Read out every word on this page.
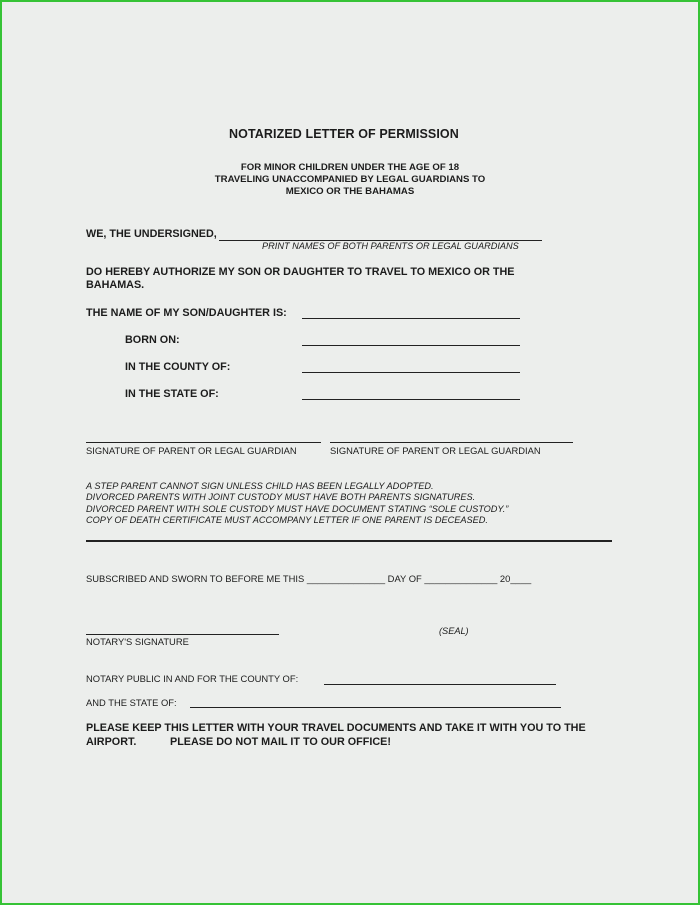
NOTARIZED LETTER OF PERMISSION
FOR MINOR CHILDREN UNDER THE AGE OF 18
TRAVELING UNACCOMPANIED BY LEGAL GUARDIANS TO
MEXICO OR THE BAHAMAS
WE, THE UNDERSIGNED,
PRINT NAMES OF BOTH PARENTS OR LEGAL GUARDIANS
DO HEREBY AUTHORIZE MY SON OR DAUGHTER TO TRAVEL TO MEXICO OR THE
BAHAMAS.
THE NAME OF MY SON/DAUGHTER IS:
BORN ON:
IN THE COUNTY OF:
IN THE STATE OF:
SIGNATURE OF PARENT OR LEGAL GUARDIAN	SIGNATURE OF PARENT OR LEGAL GUARDIAN
A STEP PARENT CANNOT SIGN UNLESS CHILD HAS BEEN LEGALLY ADOPTED.
DIVORCED PARENTS WITH JOINT CUSTODY MUST HAVE BOTH PARENTS SIGNATURES.
DIVORCED PARENT WITH SOLE CUSTODY MUST HAVE DOCUMENT STATING “SOLE CUSTODY.”
COPY OF DEATH CERTIFICATE MUST ACCOMPANY LETTER IF ONE PARENT IS DECEASED.
SUBSCRIBED AND SWORN TO BEFORE ME THIS _______________ DAY OF ______________ 20____
NOTARY'S SIGNATURE
(SEAL)
NOTARY PUBLIC IN AND FOR THE COUNTY OF:
AND THE STATE OF:
PLEASE KEEP THIS LETTER WITH YOUR TRAVEL DOCUMENTS AND TAKE IT WITH YOU TO THE
AIRPORT.	PLEASE DO NOT MAIL IT TO OUR OFFICE!
